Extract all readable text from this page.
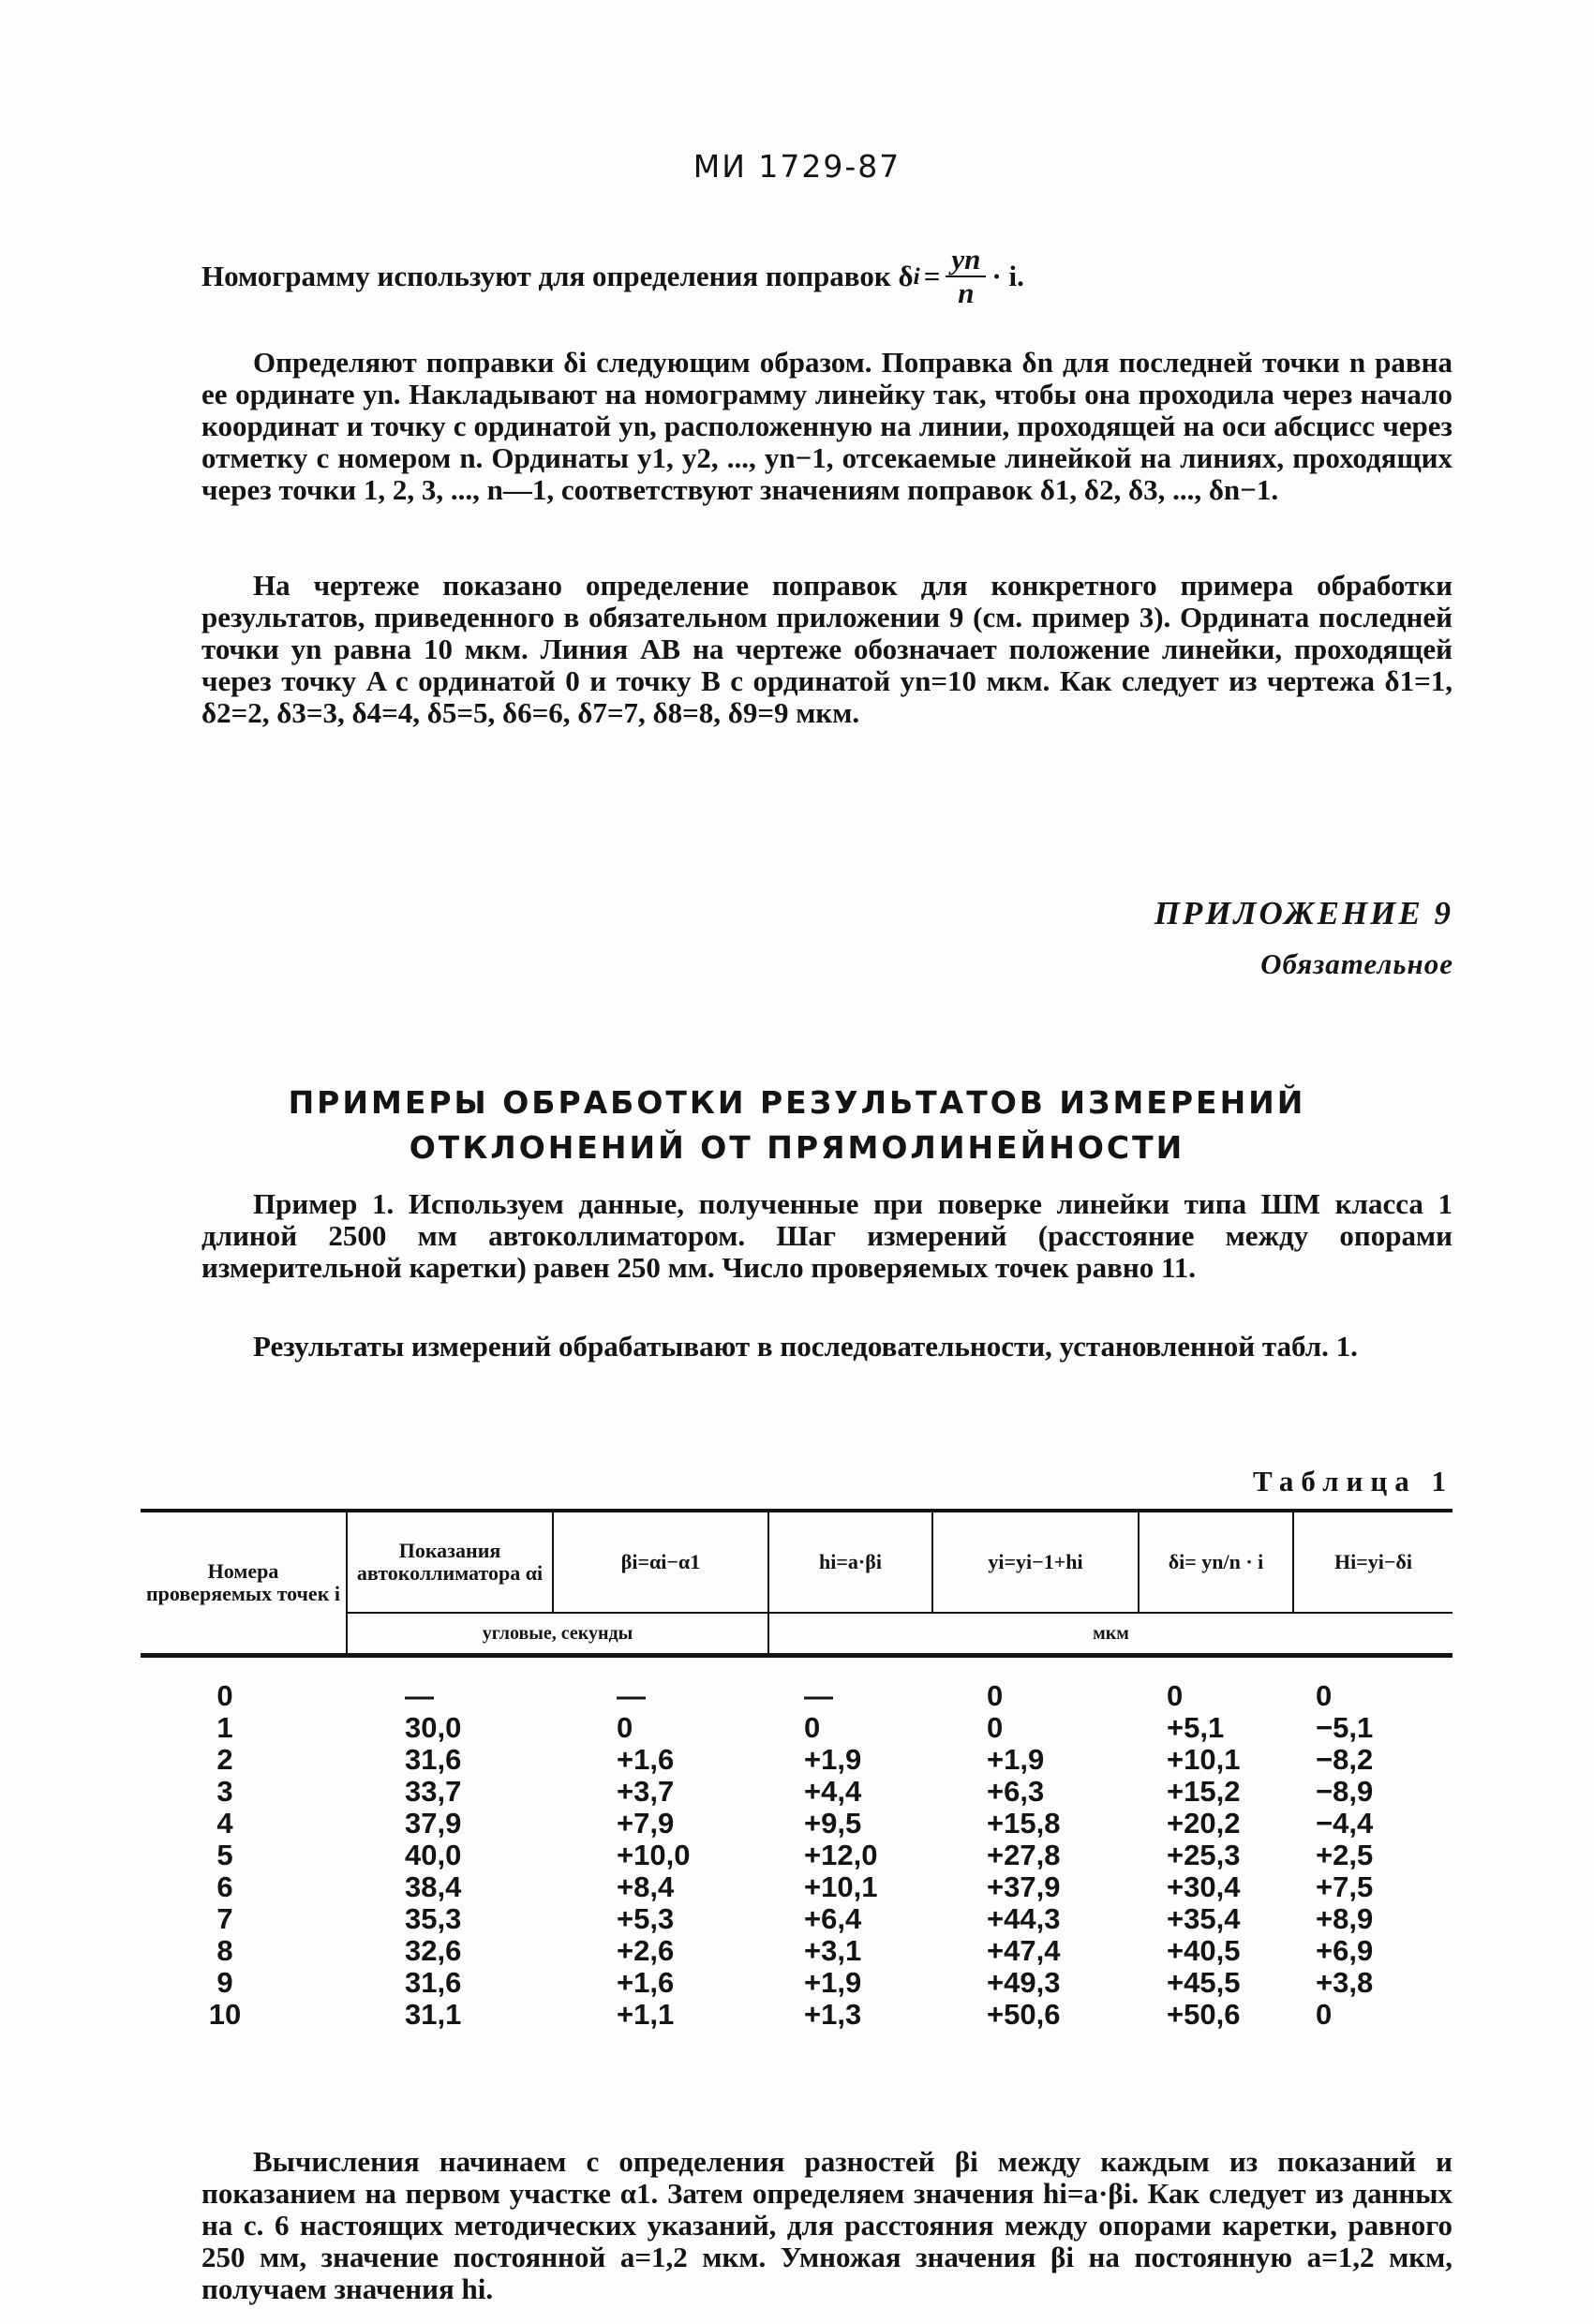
МИ 1729-87
Номограмму используют для определения поправок δ $i = \frac{yn}{n} \cdot i$.

Определяют поправки δi следующим образом. Поправка δn для последней точки n равна ее ординате yn. Накладывают на номограмму линейку так, чтобы она проходила через начало координат и точку с ординатой yn, расположенную на линии, проходящей на оси абсцисс через отметку с номером n. Ординаты y1, y2, ..., yn−1, отсекаемые линейкой на линиях, проходящих через точки 1, 2, 3, ..., n—1, соответствуют значениям поправок δ1, δ2, δ3, ..., δn−1.

На чертеже показано определение поправок для конкретного примера обработки результатов, приведенного в обязательном приложении 9 (см. пример 3). Ордината последней точки yn равна 10 мкм. Линия AB на чертеже обозначает положение линейки, проходящей через точку A с ординатой 0 и точку B с ординатой yn=10 мкм. Как следует из чертежа δ1=1, δ2=2, δ3=3, δ4=4, δ5=5, δ6=6, δ7=7, δ8=8, δ9=9 мкм.

ПРИЛОЖЕНИЕ 9
Обязательное
ПРИМЕРЫ ОБРАБОТКИ РЕЗУЛЬТАТОВ ИЗМЕРЕНИЙ
ОТКЛОНЕНИЙ ОТ ПРЯМОЛИНЕЙНОСТИ

Пример 1. Используем данные, полученные при поверке линейки типа ШМ класса 1 длиной 2500 мм автоколлиматором. Шаг измерений (расстояние между опорами измерительной каретки) равен 250 мм. Число проверяемых точек равно 11.

Результаты измерений обрабатывают в последовательности, установленной табл. 1.

Таблица 1
Номера проверяемых точек i	Показания автоколлиматора αi	βi=αi−α1	hi=a·βi	yi=yi−1+hi	δi= yn/n · i	Hi=yi−δi
	угловые, секунды		мкм			
0	—	—	—	0	0	0
1	30,0	0	0	0	+5,1	−5,1
2	31,6	+1,6	+1,9	+1,9	+10,1	−8,2
3	33,7	+3,7	+4,4	+6,3	+15,2	−8,9
4	37,9	+7,9	+9,5	+15,8	+20,2	−4,4
5	40,0	+10,0	+12,0	+27,8	+25,3	+2,5
6	38,4	+8,4	+10,1	+37,9	+30,4	+7,5
7	35,3	+5,3	+6,4	+44,3	+35,4	+8,9
8	32,6	+2,6	+3,1	+47,4	+40,5	+6,9
9	31,6	+1,6	+1,9	+49,3	+45,5	+3,8
10	31,1	+1,1	+1,3	+50,6	+50,6	0

Вычисления начинаем с определения разностей βi между каждым из показаний и показанием на первом участке α1. Затем определяем значения hi=a·βi. Как следует из данных на с. 6 настоящих методических указаний, для расстояния между опорами каретки, равного 250 мм, значение постоянной a=1,2 мкм. Умножая значения βi на постоянную a=1,2 мкм, получаем значения hi.
